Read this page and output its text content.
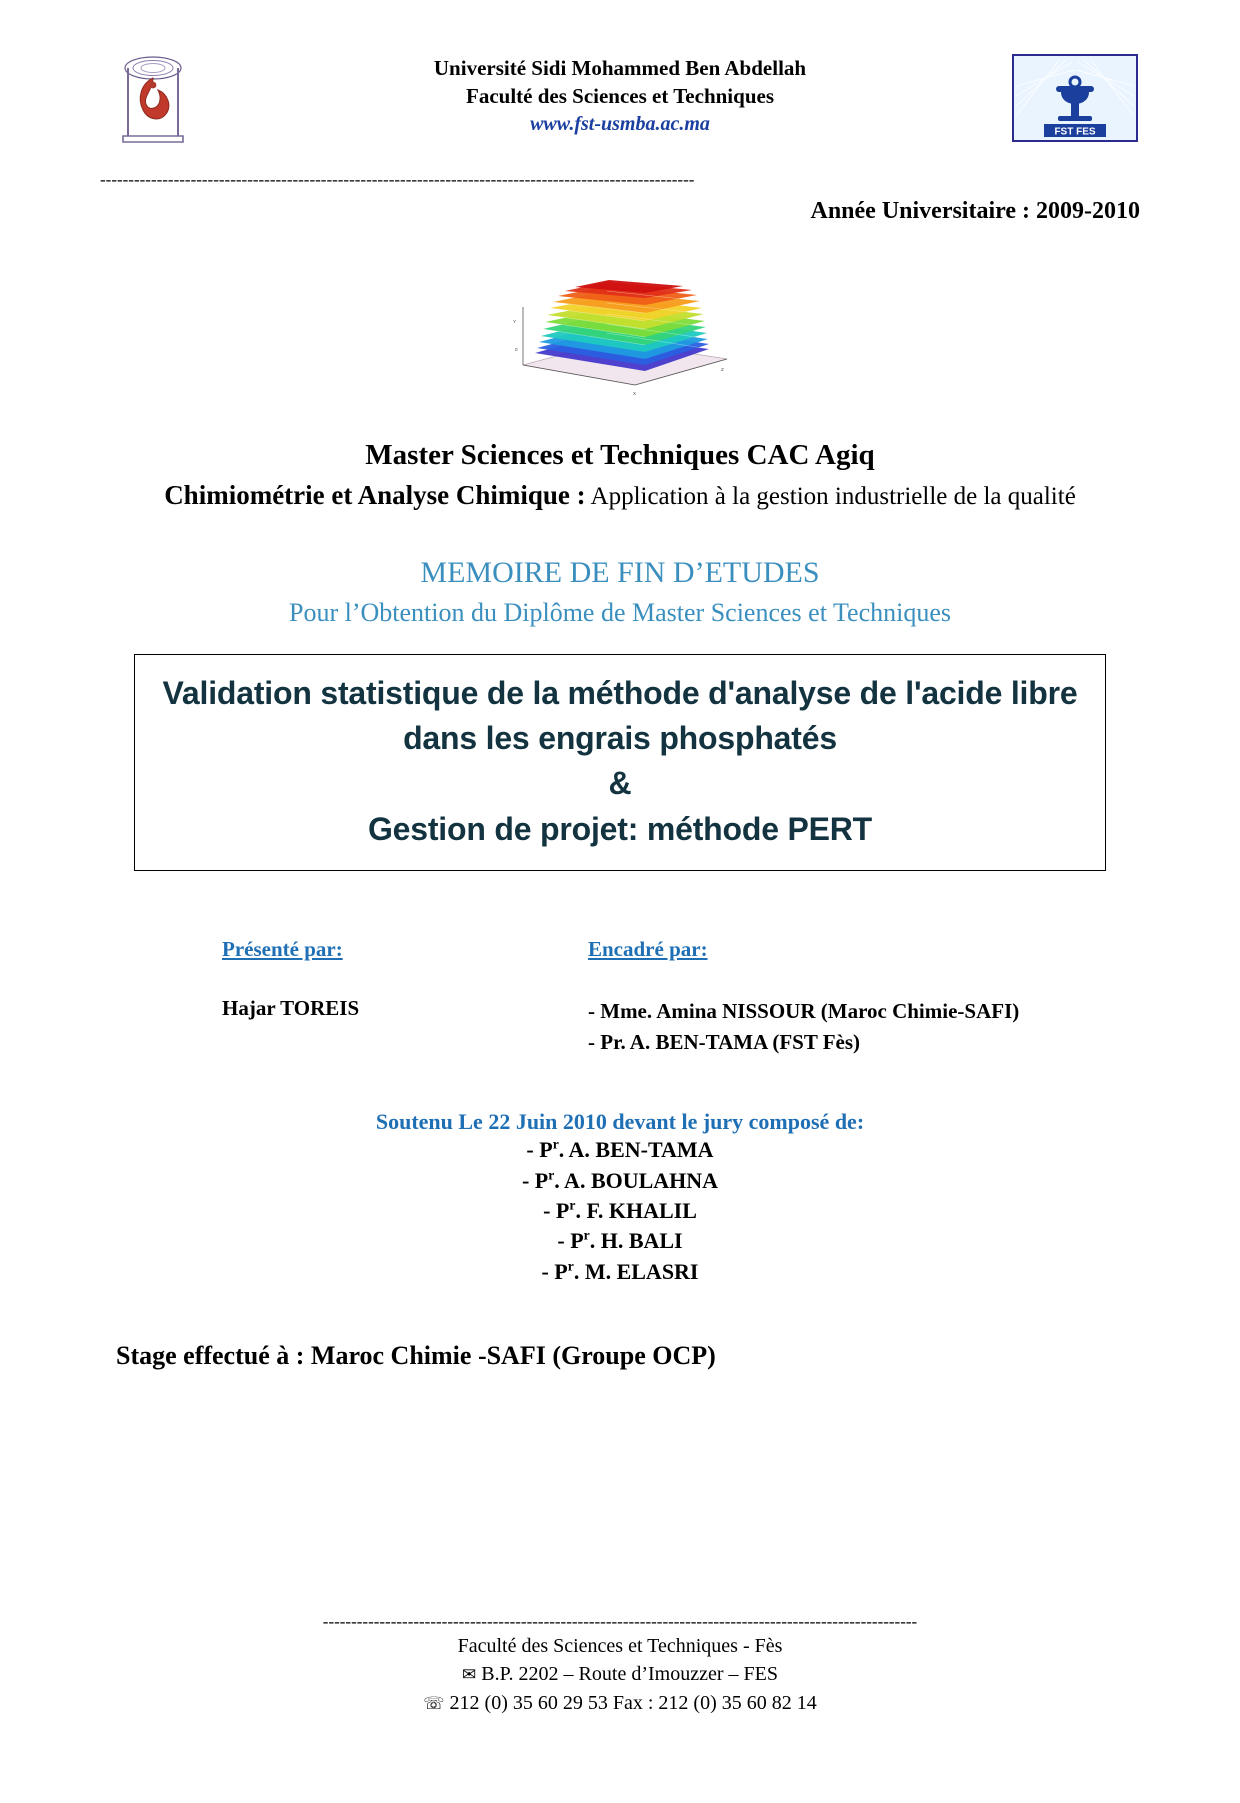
Université Sidi Mohammed Ben Abdellah
Faculté des Sciences et Techniques
www.fst-usmba.ac.ma	FST FES
---------------------------------------------------------------------------------------------------------
Année Universitaire : 2009-2010
Y
0
X
Z
Master Sciences et Techniques CAC Agiq
Chimiométrie et Analyse Chimique : Application à la gestion industrielle de la qualité
MEMOIRE DE FIN D’ETUDES
Pour l’Obtention du Diplôme de Master Sciences et Techniques
Validation statistique de la méthode d'analyse de l'acide libre
dans les engrais phosphatés
&
Gestion de projet: méthode PERT
Présenté par:
Hajar TOREIS
Encadré par:
- Mme. Amina NISSOUR (Maroc Chimie-SAFI)
- Pr. A. BEN-TAMA (FST Fès)
Soutenu Le 22 Juin 2010 devant le jury composé de:
- $P^r$. A. BEN-TAMA
- $P^r$. A. BOULAHNA
- $P^r$. F. KHALIL
- $P^r$. H. BALI
- $P^r$. M. ELASRI
Stage effectué à : Maroc Chimie -SAFI (Groupe OCP)
---------------------------------------------------------------------------------------------------------
Faculté des Sciences et Techniques - Fès
✉ B.P. 2202 – Route d’Imouzzer – FES
☏ 212 (0) 35 60 29 53 Fax : 212 (0) 35 60 82 14
